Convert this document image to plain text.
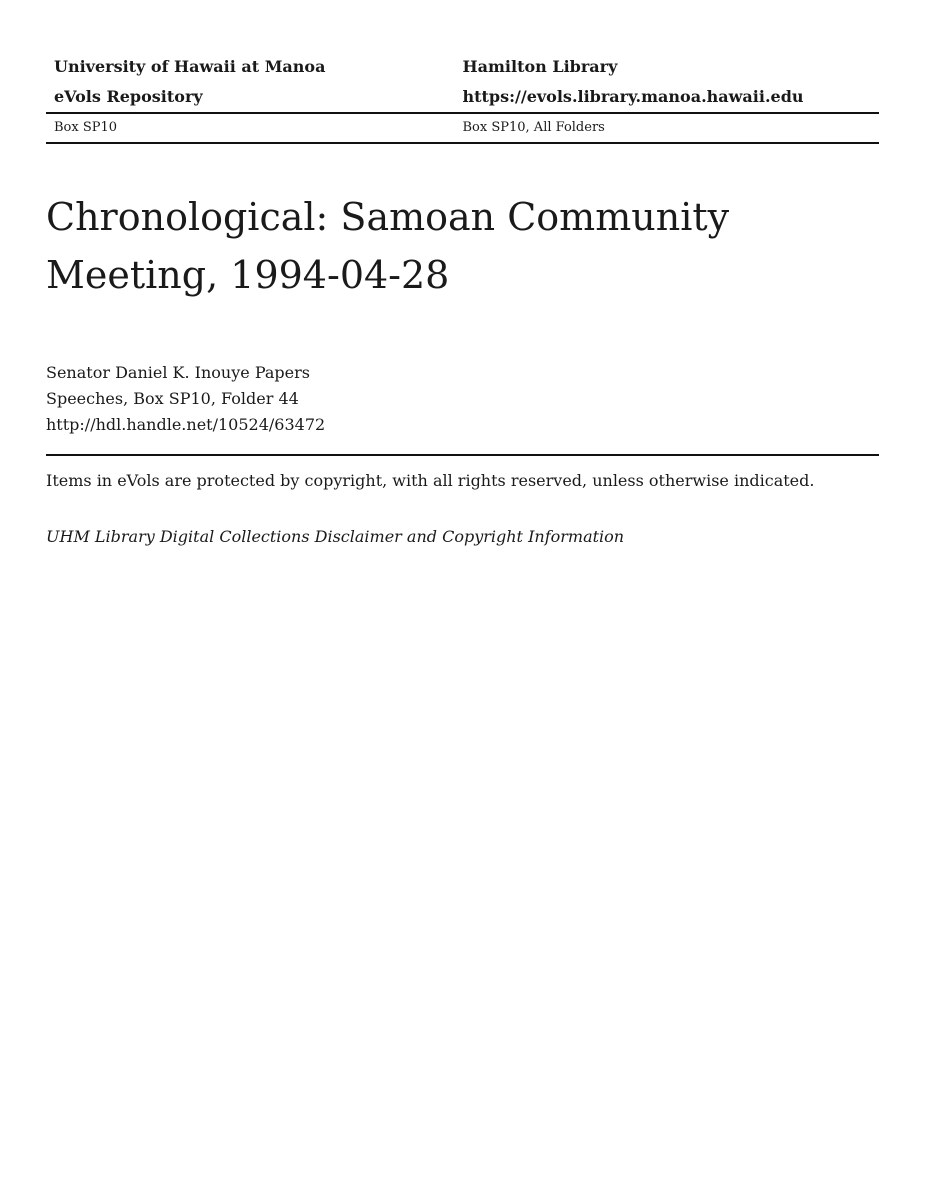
University of Hawaii at Manoa
eVols Repository
Hamilton Library
https://evols.library.manoa.hawaii.edu
Box SP10	Box SP10, All Folders
Chronological: Samoan Community Meeting, 1994-04-28
Senator Daniel K. Inouye Papers
Speeches, Box SP10, Folder 44
http://hdl.handle.net/10524/63472
Items in eVols are protected by copyright, with all rights reserved, unless otherwise indicated.
UHM Library Digital Collections Disclaimer and Copyright Information
